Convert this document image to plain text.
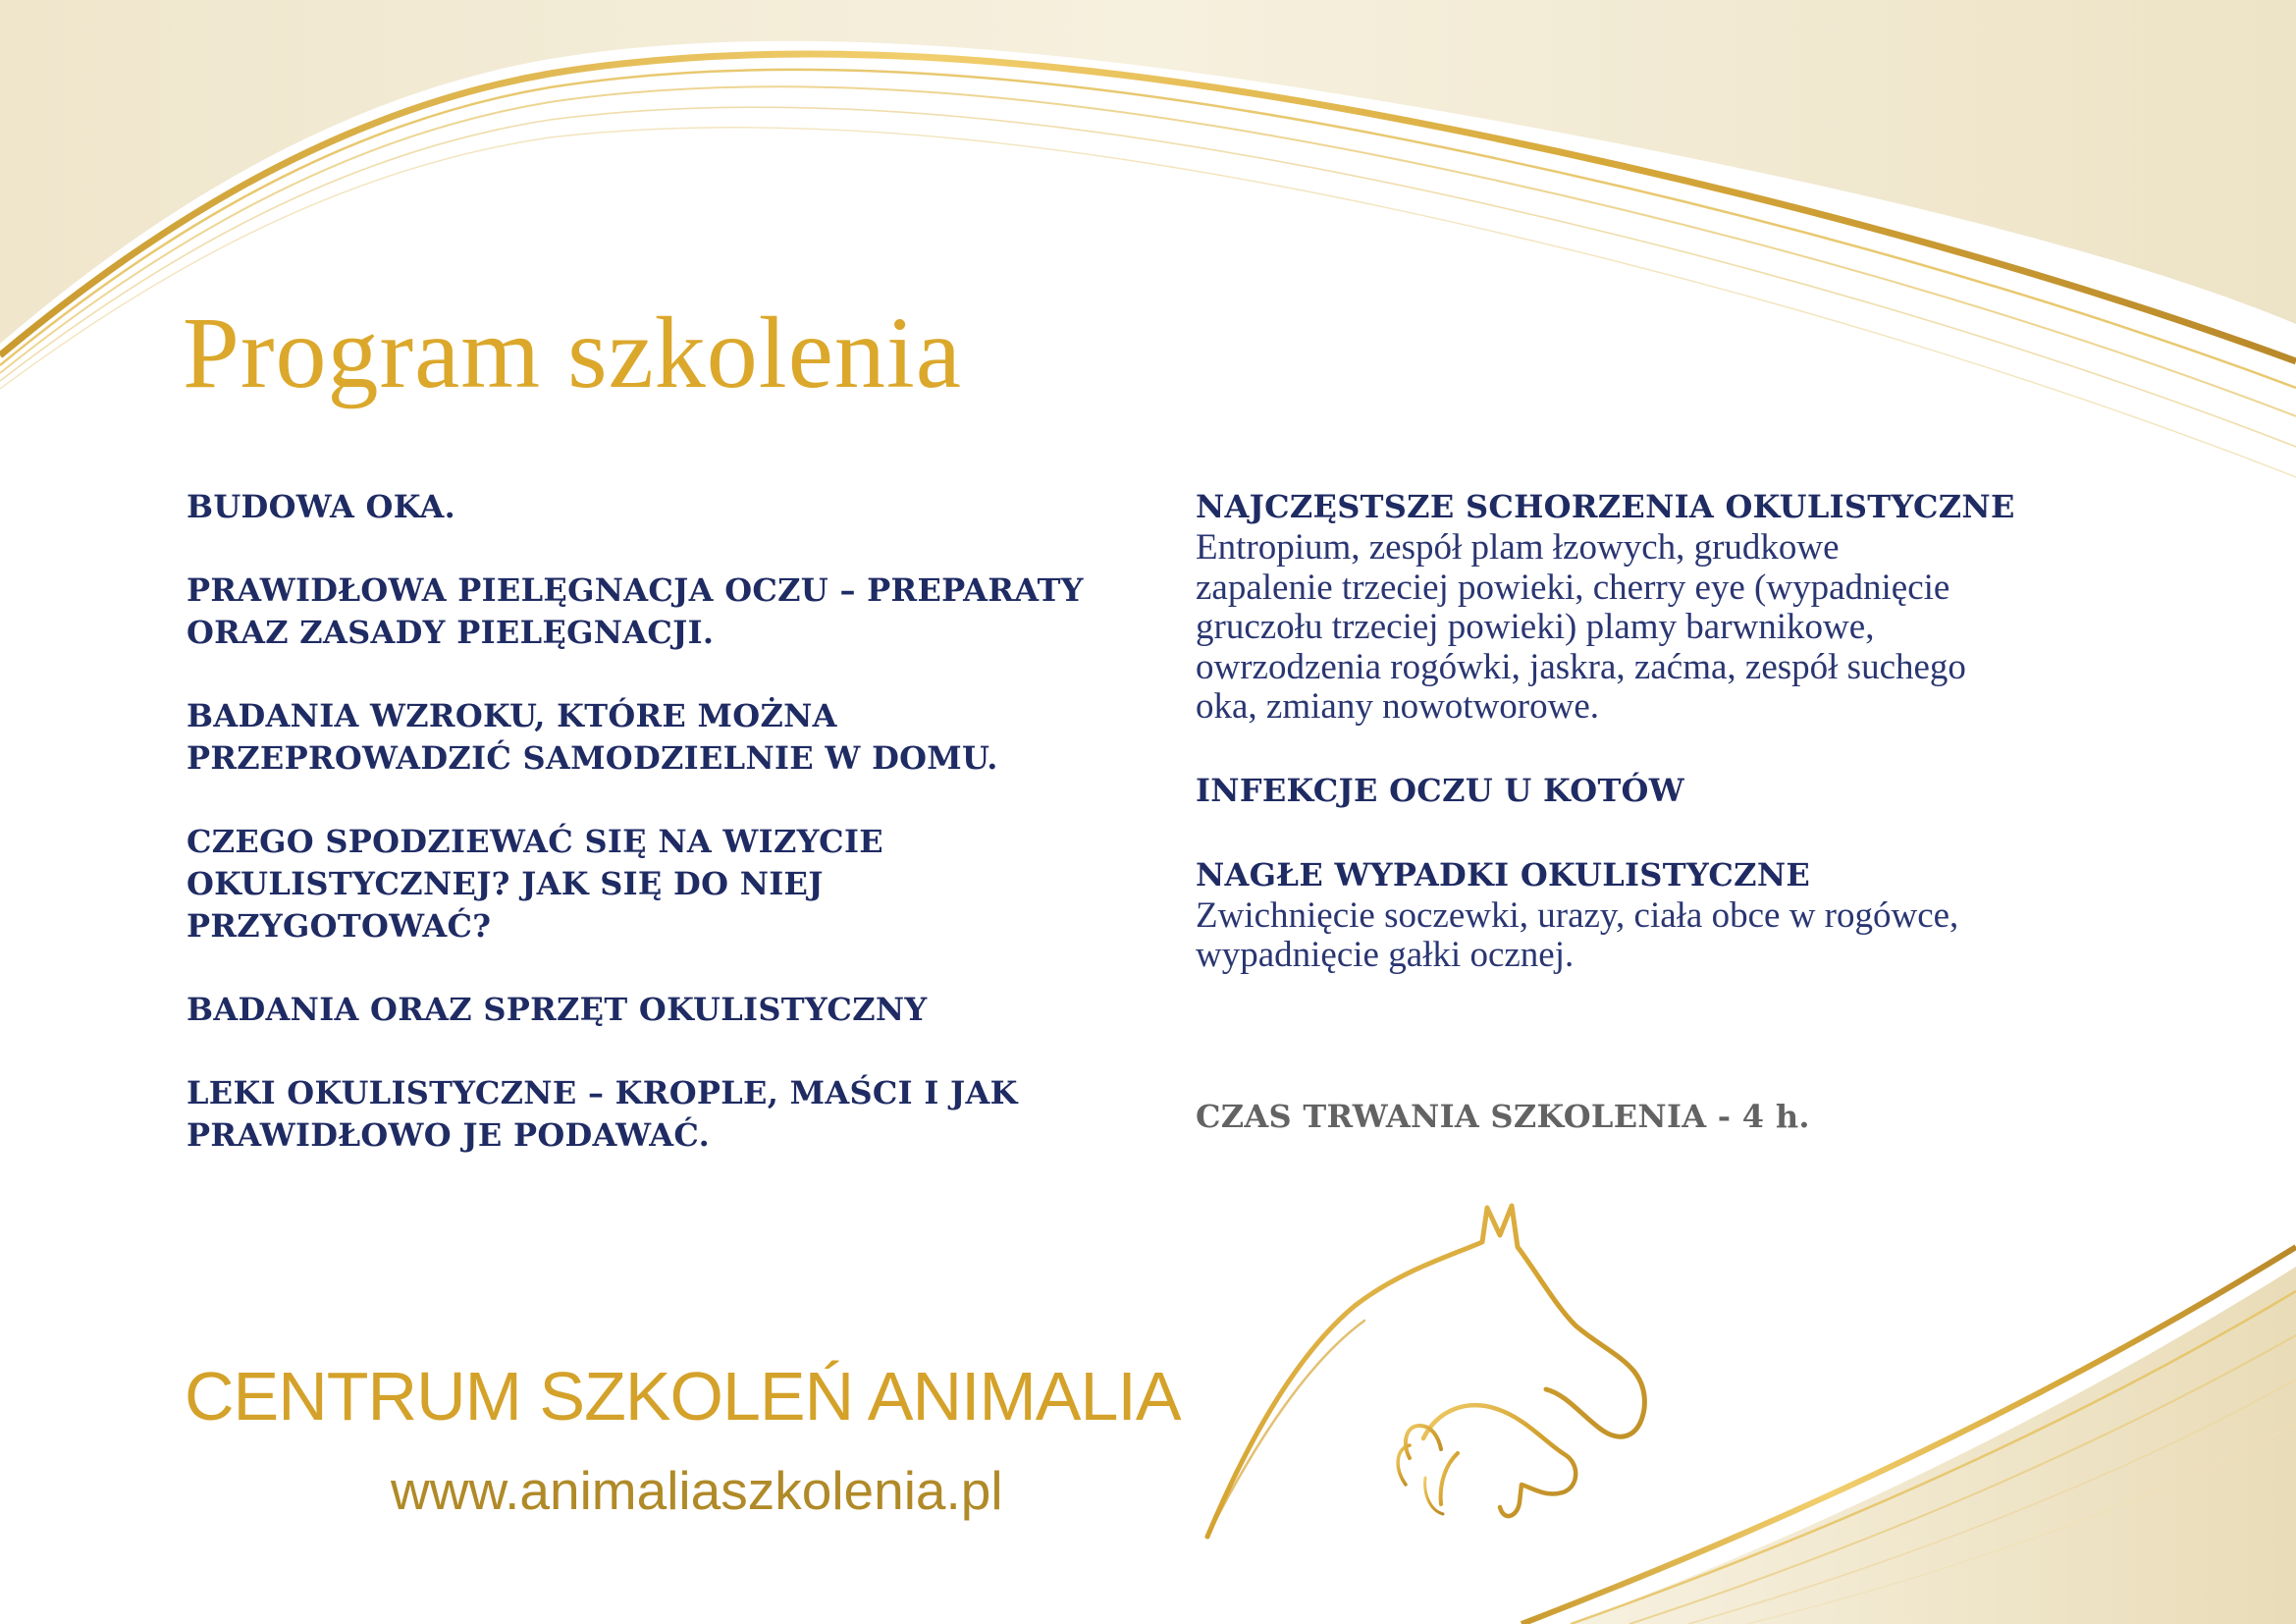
Program szkolenia
BUDOWA OKA.
PRAWIDŁOWA PIELĘGNACJA OCZU – PREPARATY
ORAZ ZASADY PIELĘGNACJI.
BADANIA WZROKU, KTÓRE MOŻNA
PRZEPROWADZIĆ SAMODZIELNIE W DOMU.
CZEGO SPODZIEWAĆ SIĘ NA WIZYCIE
OKULISTYCZNEJ? JAK SIĘ DO NIEJ
PRZYGOTOWAĆ?
BADANIA ORAZ SPRZĘT OKULISTYCZNY
LEKI OKULISTYCZNE – KROPLE, MAŚCI I JAK
PRAWIDŁOWO JE PODAWAĆ.
NAJCZĘSTSZE SCHORZENIA OKULISTYCZNE
Entropium, zespół plam łzowych, grudkowe
zapalenie trzeciej powieki, cherry eye (wypadnięcie
gruczołu trzeciej powieki) plamy barwnikowe,
owrzodzenia rogówki, jaskra, zaćma, zespół suchego
oka, zmiany nowotworowe.
INFEKCJE OCZU U KOTÓW
NAGŁE WYPADKI OKULISTYCZNE
Zwichnięcie soczewki, urazy, ciała obce w rogówce,
wypadnięcie gałki ocznej.
CZAS TRWANIA SZKOLENIA - 4 h.
CENTRUM SZKOLEŃ ANIMALIA
www.animaliaszkolenia.pl
